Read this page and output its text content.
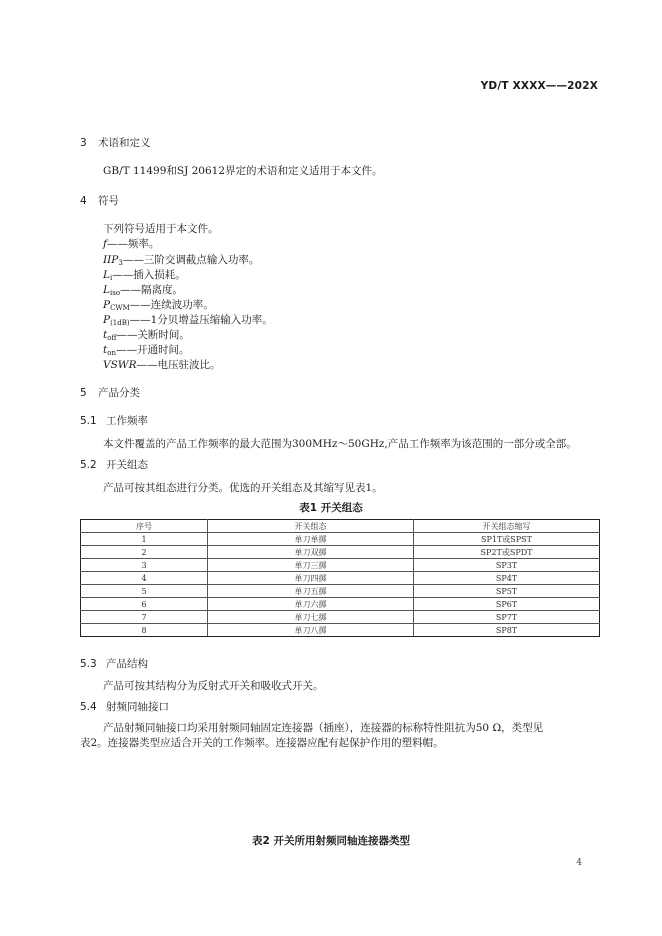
YD/T XXXX——202X
3 术语和定义
GB/T 11499和SJ 20612界定的术语和定义适用于本文件。
4 符号
下列符号适用于本文件。
f——频率。
$IIP_3——$三阶交调截点输入功率。
$L_i——$插入损耗。
$L_{iso}——$隔离度。
$P_{CWM}——$连续波功率。
$P_{(1dB)}——1$分贝增益压缩输入功率。
$t_{off}——$关断时间。
$t_{on}——$开通时间。
VSWR——电压驻波比。
5 产品分类
5.1 工作频率
本文件覆盖的产品工作频率的最大范围为300MHz～50GHz,产品工作频率为该范围的一部分或全部。
5.2 开关组态
产品可按其组态进行分类。优选的开关组态及其缩写见表1。
表1 开关组态
序号	开关组态	开关组态缩写
1	单刀单掷	SP1T或SPST
2	单刀双掷	SP2T或SPDT
3	单刀三掷	SP3T
4	单刀四掷	SP4T
5	单刀五掷	SP5T
6	单刀六掷	SP6T
7	单刀七掷	SP7T
8	单刀八掷	SP8T
5.3 产品结构
产品可按其结构分为反射式开关和吸收式开关。
5.4 射频同轴接口
产品射频同轴接口均采用射频同轴固定连接器（插座），连接器的标称特性阻抗为50 Ω，类型见
表2。连接器类型应适合开关的工作频率。连接器应配有起保护作用的塑料帽。
表2 开关所用射频同轴连接器类型
4
